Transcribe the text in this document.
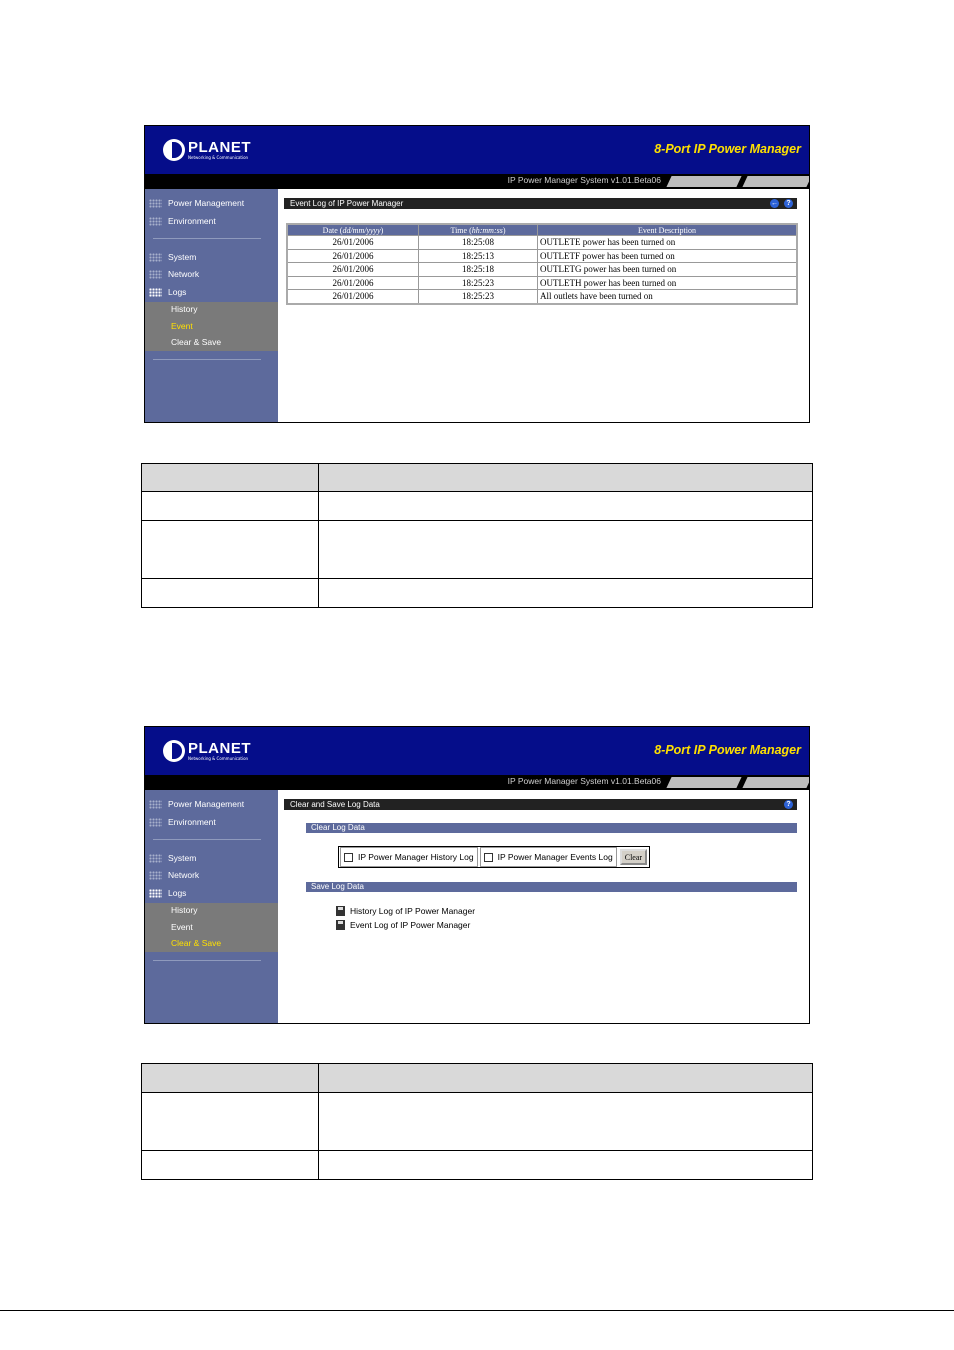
PLANET
Networking & Communication
8-Port IP Power Manager
IP Power Manager System v1.01.Beta06
Power Management
Environment
System
Network
Logs
History
Event
Clear & Save
Event Log of IP Power Manager	←	?
Date (dd/mm/yyyy)	Time (hh:mm:ss)	Event Description
26/01/2006	18:25:08	OUTLETE power has been turned on
26/01/2006	18:25:13	OUTLETF power has been turned on
26/01/2006	18:25:18	OUTLETG power has been turned on
26/01/2006	18:25:23	OUTLETH power has been turned on
26/01/2006	18:25:23	All outlets have been turned on

PLANET
Networking & Communication
8-Port IP Power Manager
IP Power Manager System v1.01.Beta06
Power Management
Environment
System
Network
Logs
History
Event
Clear & Save
Clear and Save Log Data	?
Clear Log Data
IP Power Manager History Log	IP Power Manager Events Log	Clear
Save Log Data
History Log of IP Power Manager
Event Log of IP Power Manager
